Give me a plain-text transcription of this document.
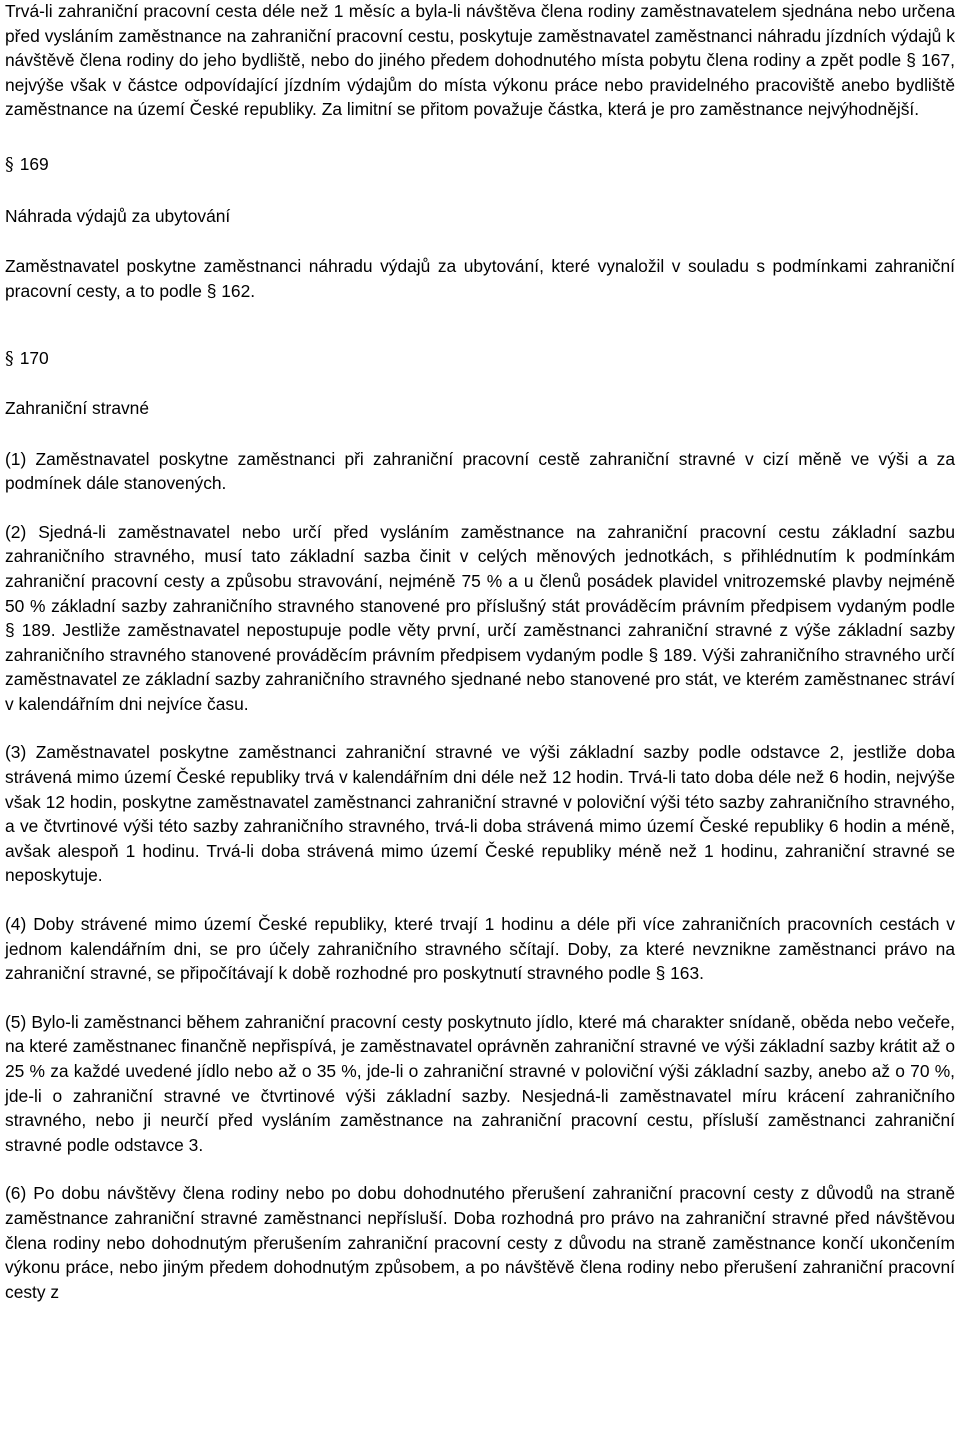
Trvá-li zahraniční pracovní cesta déle než 1 měsíc a byla-li návštěva člena rodiny zaměstnavatelem sjednána nebo určena před vysláním zaměstnance na zahraniční pracovní cestu, poskytuje zaměstnavatel zaměstnanci náhradu jízdních výdajů k návštěvě člena rodiny do jeho bydliště, nebo do jiného předem dohodnutého místa pobytu člena rodiny a zpět podle § 167, nejvýše však v částce odpovídající jízdním výdajům do místa výkonu práce nebo pravidelného pracoviště anebo bydliště zaměstnance na území České republiky. Za limitní se přitom považuje částka, která je pro zaměstnance nejvýhodnější.

§ 169

Náhrada výdajů za ubytování

Zaměstnavatel poskytne zaměstnanci náhradu výdajů za ubytování, které vynaložil v souladu s podmínkami zahraniční pracovní cesty, a to podle § 162.

§ 170

Zahraniční stravné

(1) Zaměstnavatel poskytne zaměstnanci při zahraniční pracovní cestě zahraniční stravné v cizí měně ve výši a za podmínek dále stanovených.

(2) Sjedná-li zaměstnavatel nebo určí před vysláním zaměstnance na zahraniční pracovní cestu základní sazbu zahraničního stravného, musí tato základní sazba činit v celých měnových jednotkách, s přihlédnutím k podmínkám zahraniční pracovní cesty a způsobu stravování, nejméně 75 % a u členů posádek plavidel vnitrozemské plavby nejméně 50 % základní sazby zahraničního stravného stanovené pro příslušný stát prováděcím právním předpisem vydaným podle § 189. Jestliže zaměstnavatel nepostupuje podle věty první, určí zaměstnanci zahraniční stravné z výše základní sazby zahraničního stravného stanovené prováděcím právním předpisem vydaným podle § 189. Výši zahraničního stravného určí zaměstnavatel ze základní sazby zahraničního stravného sjednané nebo stanovené pro stát, ve kterém zaměstnanec stráví v kalendářním dni nejvíce času.

(3) Zaměstnavatel poskytne zaměstnanci zahraniční stravné ve výši základní sazby podle odstavce 2, jestliže doba strávená mimo území České republiky trvá v kalendářním dni déle než 12 hodin. Trvá-li tato doba déle než 6 hodin, nejvýše však 12 hodin, poskytne zaměstnavatel zaměstnanci zahraniční stravné v poloviční výši této sazby zahraničního stravného, a ve čtvrtinové výši této sazby zahraničního stravného, trvá-li doba strávená mimo území České republiky 6 hodin a méně, avšak alespoň 1 hodinu. Trvá-li doba strávená mimo území České republiky méně než 1 hodinu, zahraniční stravné se neposkytuje.

(4) Doby strávené mimo území České republiky, které trvají 1 hodinu a déle při více zahraničních pracovních cestách v jednom kalendářním dni, se pro účely zahraničního stravného sčítají. Doby, za které nevznikne zaměstnanci právo na zahraniční stravné, se připočítávají k době rozhodné pro poskytnutí stravného podle § 163.

(5) Bylo-li zaměstnanci během zahraniční pracovní cesty poskytnuto jídlo, které má charakter snídaně, oběda nebo večeře, na které zaměstnanec finančně nepřispívá, je zaměstnavatel oprávněn zahraniční stravné ve výši základní sazby krátit až o 25 % za každé uvedené jídlo nebo až o 35 %, jde-li o zahraniční stravné v poloviční výši základní sazby, anebo až o 70 %, jde-li o zahraniční stravné ve čtvrtinové výši základní sazby. Nesjedná-li zaměstnavatel míru krácení zahraničního stravného, nebo ji neurčí před vysláním zaměstnance na zahraniční pracovní cestu, přísluší zaměstnanci zahraniční stravné podle odstavce 3.

(6) Po dobu návštěvy člena rodiny nebo po dobu dohodnutého přerušení zahraniční pracovní cesty z důvodů na straně zaměstnance zahraniční stravné zaměstnanci nepřísluší. Doba rozhodná pro právo na zahraniční stravné před návštěvou člena rodiny nebo dohodnutým přerušením zahraniční pracovní cesty z důvodu na straně zaměstnance končí ukončením výkonu práce, nebo jiným předem dohodnutým způsobem, a po návštěvě člena rodiny nebo přerušení zahraniční pracovní cesty z
